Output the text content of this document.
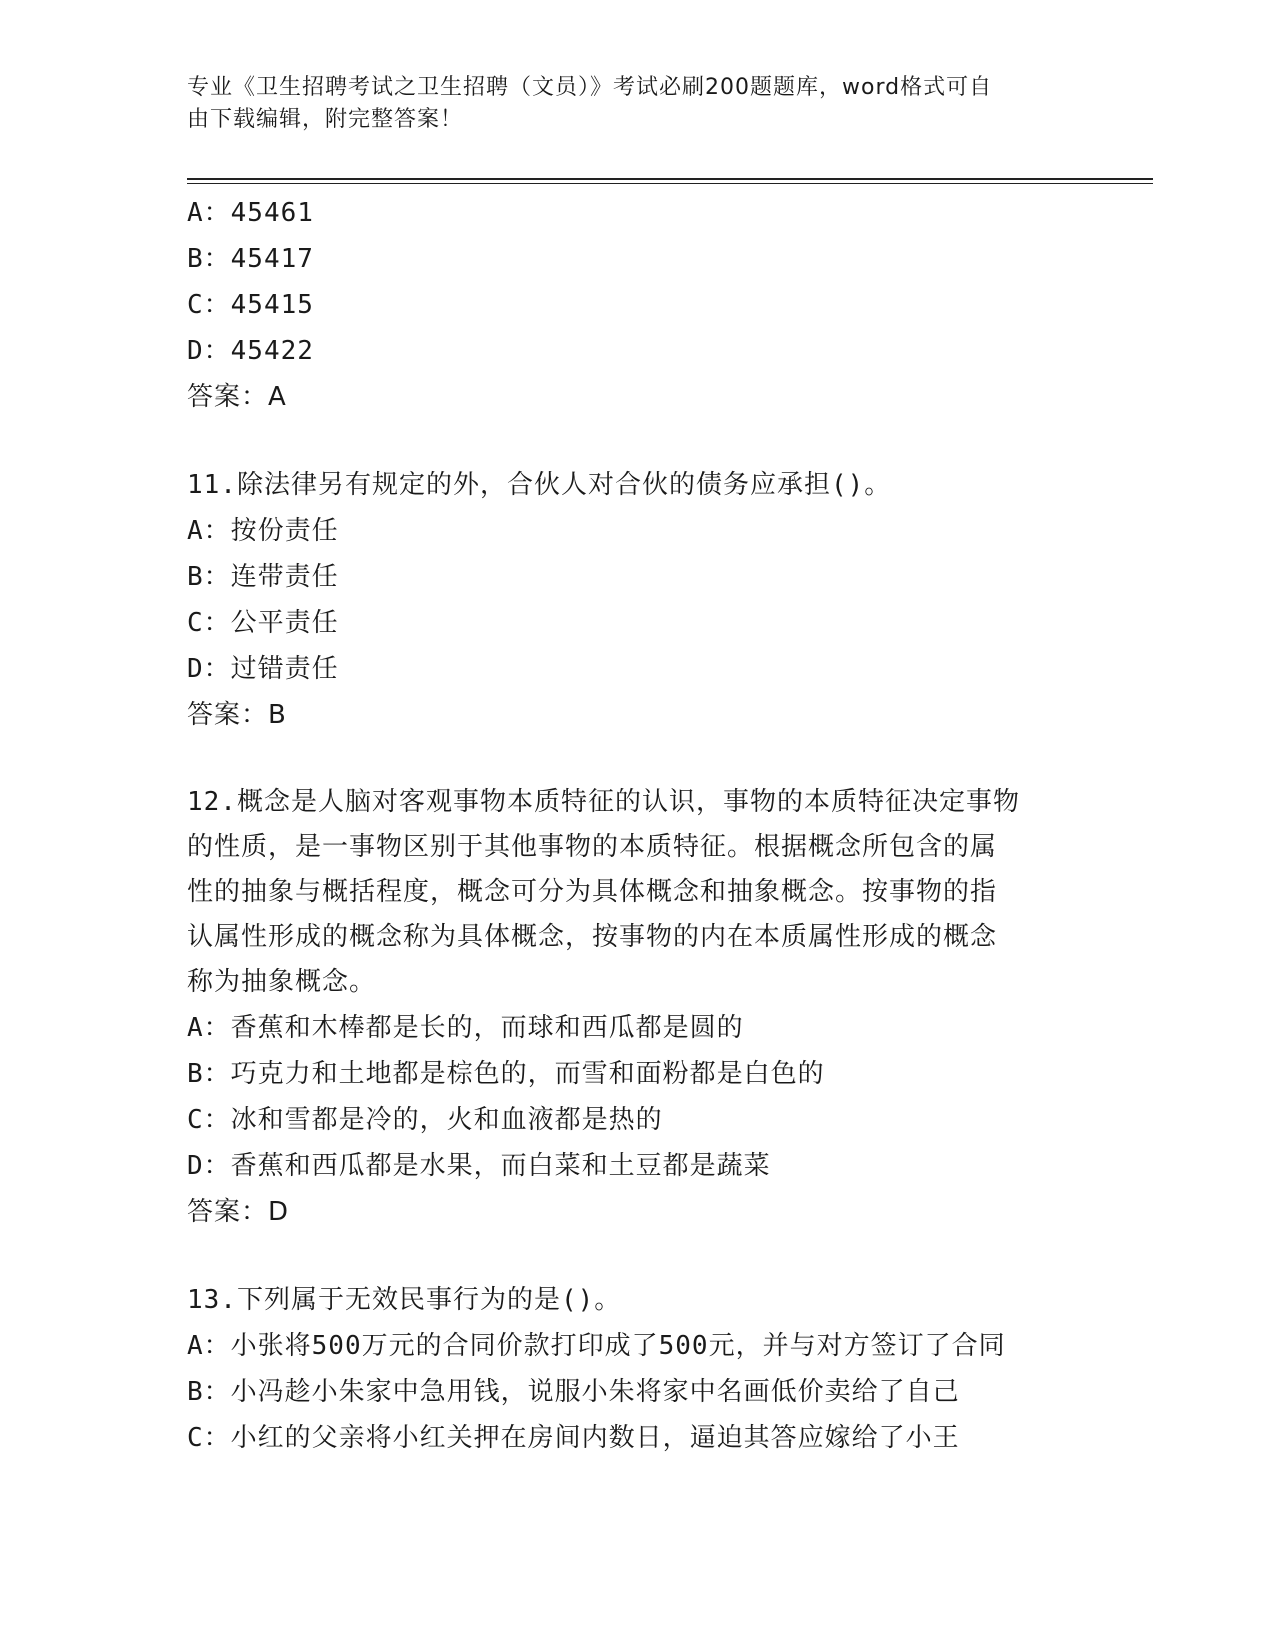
专业《卫生招聘考试之卫生招聘（文员）》考试必刷200题题库，word格式可自
由下载编辑，附完整答案！
A：45461
B：45417
C：45415
D：45422
答案：A
11.除法律另有规定的外，合伙人对合伙的债务应承担()。
A：按份责任
B：连带责任
C：公平责任
D：过错责任
答案：B
12.概念是人脑对客观事物本质特征的认识，事物的本质特征决定事物
的性质，是一事物区别于其他事物的本质特征。根据概念所包含的属
性的抽象与概括程度，概念可分为具体概念和抽象概念。按事物的指
认属性形成的概念称为具体概念，按事物的内在本质属性形成的概念
称为抽象概念。
A：香蕉和木棒都是长的，而球和西瓜都是圆的
B：巧克力和土地都是棕色的，而雪和面粉都是白色的
C：冰和雪都是冷的，火和血液都是热的
D：香蕉和西瓜都是水果，而白菜和土豆都是蔬菜
答案：D
13.下列属于无效民事行为的是()。
A：小张将500万元的合同价款打印成了500元，并与对方签订了合同
B：小冯趁小朱家中急用钱，说服小朱将家中名画低价卖给了自己
C：小红的父亲将小红关押在房间内数日，逼迫其答应嫁给了小王
